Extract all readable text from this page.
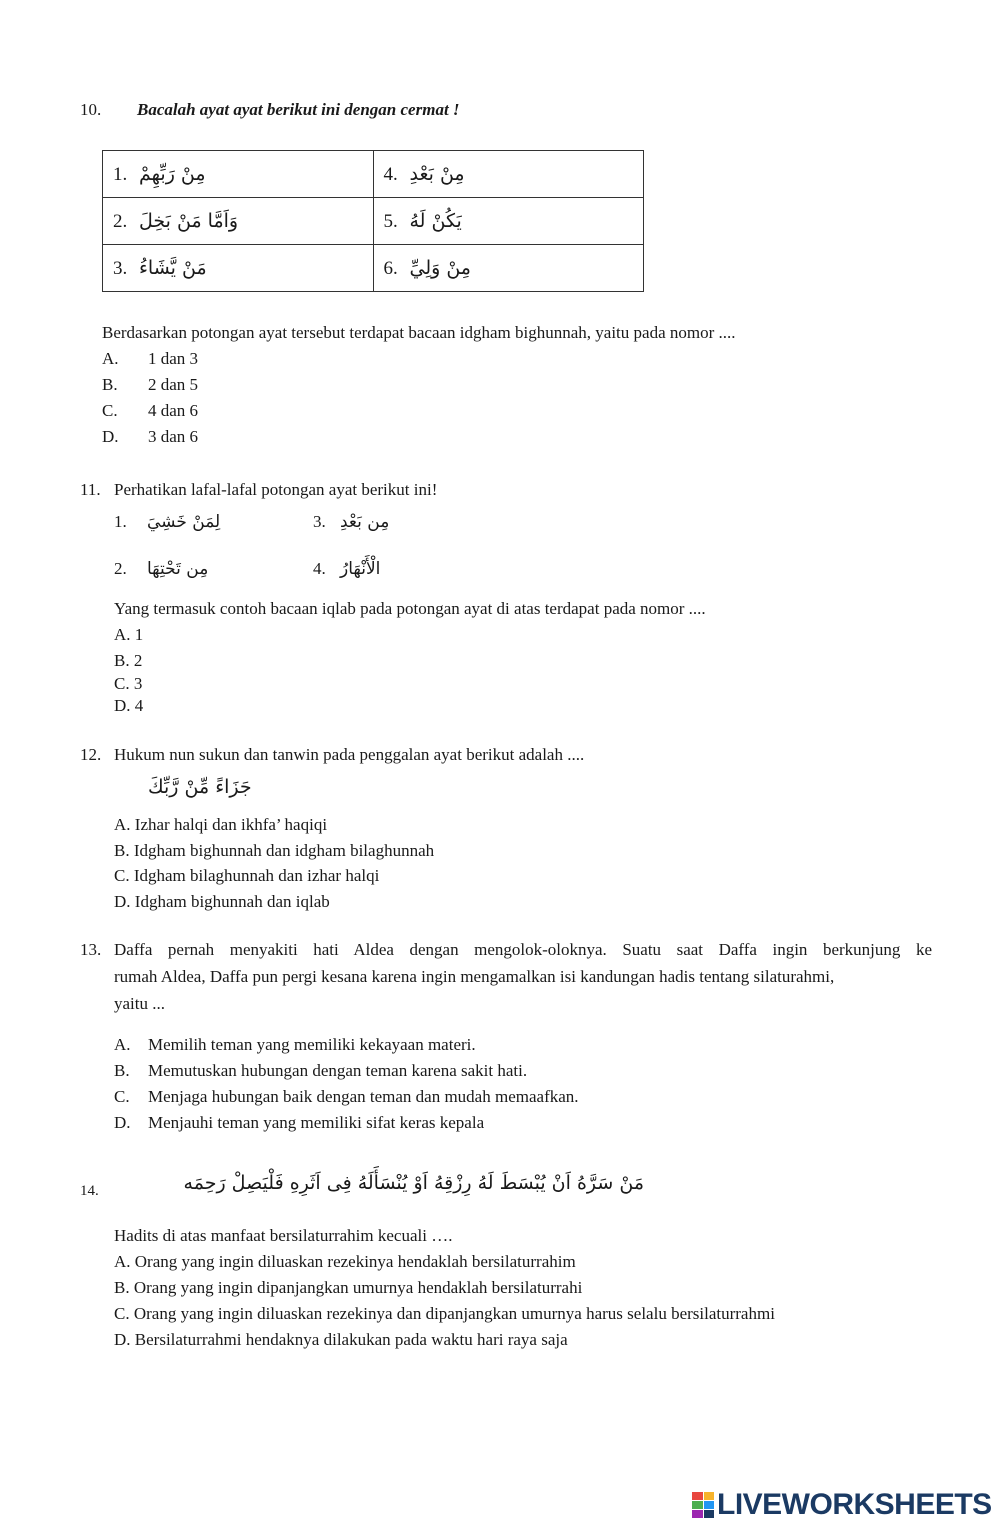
10. Bacalah ayat ayat berikut ini dengan cermat !
1. مِنْ رَبِّهِمْ	4. مِنْ بَعْدِ
2. وَاَمَّا مَنْ بَخِلَ	5. يَكُنْ لَهُ
3. مَنْ يَّشَاءُ	6. مِنْ وَلِيِّ
Berdasarkan potongan ayat tersebut terdapat bacaan idgham bighunnah, yaitu pada nomor ....
A. 1 dan 3
B. 2 dan 5
C. 4 dan 6
D. 3 dan 6
11. Perhatikan lafal-lafal potongan ayat berikut ini!
1. لِمَنْ خَشِيَ	3. مِن بَعْدِ
2. مِن تَحْتِهَا	4. الْأَنْهَارُ
Yang termasuk contoh bacaan iqlab pada potongan ayat di atas terdapat pada nomor ....
A. 1
B. 2
C. 3
D. 4
12. Hukum nun sukun dan tanwin pada penggalan ayat berikut adalah ....
جَزَاءً مِّنْ رَّبِّكَ
A. Izhar halqi dan ikhfa’ haqiqi
B. Idgham bighunnah dan idgham bilaghunnah
C. Idgham bilaghunnah dan izhar halqi
D. Idgham bighunnah dan iqlab
13. Daffa pernah menyakiti hati Aldea dengan mengolok-oloknya. Suatu saat Daffa ingin berkunjung ke
rumah Aldea, Daffa pun pergi kesana karena ingin mengamalkan isi kandungan hadis tentang silaturahmi,
yaitu ...
A. Memilih teman yang memiliki kekayaan materi.
B. Memutuskan hubungan dengan teman karena sakit hati.
C. Menjaga hubungan baik dengan teman dan mudah memaafkan.
D. Menjauhi teman yang memiliki sifat keras kepala
14.	مَنْ سَرَّهُ اَنْ يُبْسَطَ لَهُ رِزْقِهُ اَوْ يُنْسَأَلَهُ فِى اَثَرِهِ فَلْيَصِلْ رَحِمَه
Hadits di atas manfaat bersilaturrahim kecuali ….
A. Orang yang ingin diluaskan rezekinya hendaklah bersilaturrahim
B. Orang yang ingin dipanjangkan umurnya hendaklah bersilaturrahi
C. Orang yang ingin diluaskan rezekinya dan dipanjangkan umurnya harus selalu bersilaturrahmi
D. Bersilaturrahmi hendaknya dilakukan pada waktu hari raya saja
LIVEWORKSHEETS
